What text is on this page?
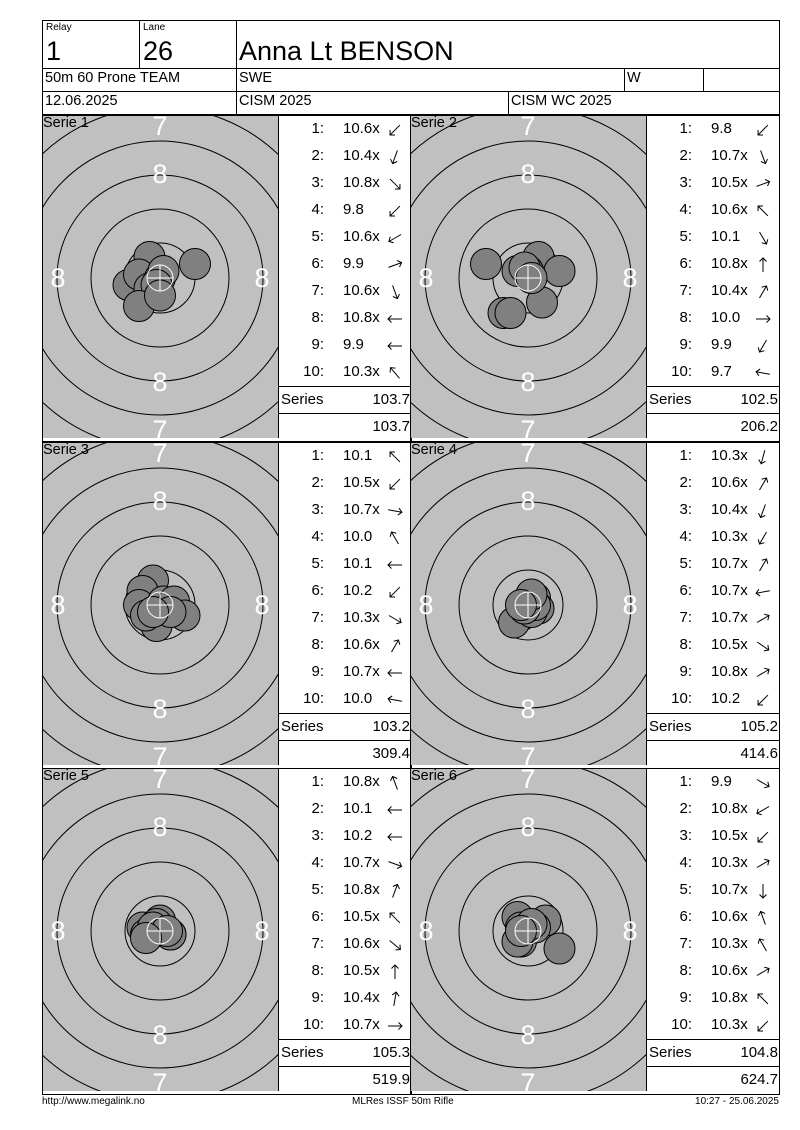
Relay
1
Lane
26 Anna Lt BENSON
50m 60 Prone TEAM	SWE	W
12.06.2025	CISM 2025	CISM WC 2025
7
7
8
8
8	8
Serie 1	1: 10.6x
2: 10.4x
3: 10.8x
4: 9.8
5: 10.6x
6: 9.9
7: 10.6x
8: 10.8x
9: 9.9
10: 10.3x
Series	103.7
103.7
7
7
8
8
8	8
Serie 2	1: 9.8
2: 10.7x
3: 10.5x
4: 10.6x
5: 10.1
6: 10.8x
7: 10.4x
8: 10.0
9: 9.9
10: 9.7
Series	102.5
206.2
7
7
8
8
8	8
Serie 3	1: 10.1
2: 10.5x
3: 10.7x
4: 10.0
5: 10.1
6: 10.2
7: 10.3x
8: 10.6x
9: 10.7x
10: 10.0
Series	103.2
309.4
7
7
8
8
8	8
Serie 4	1: 10.3x
2: 10.6x
3: 10.4x
4: 10.3x
5: 10.7x
6: 10.7x
7: 10.7x
8: 10.5x
9: 10.8x
10: 10.2
Series	105.2
414.6
7
7
8
8
8	8
Serie 5	1: 10.8x
2: 10.1
3: 10.2
4: 10.7x
5: 10.8x
6: 10.5x
7: 10.6x
8: 10.5x
9: 10.4x
10: 10.7x
Series	105.3
519.9
7
7
8
8
8	8
Serie 6	1: 9.9
2: 10.8x
3: 10.5x
4: 10.3x
5: 10.7x
6: 10.6x
7: 10.3x
8: 10.6x
9: 10.8x
10: 10.3x
Series	104.8
624.7
http://www.megalink.no	MLRes ISSF 50m Rifle	10:27 - 25.06.2025
